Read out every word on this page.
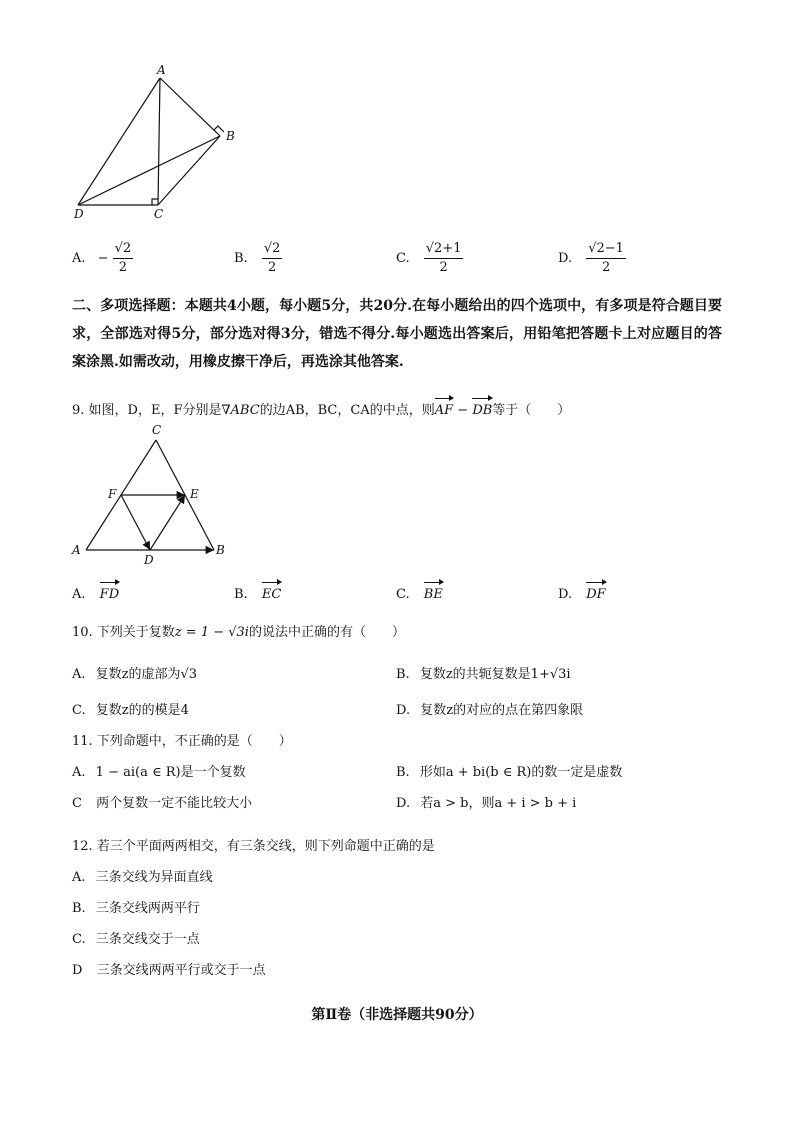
A
B
C
D
A. − $\frac{√2}{2}$	B. $\frac{√2}{2}$	C. $\frac{√2+1}{2}$	D. $\frac{√2-1}{2}$
二、多项选择题：本题共4小题，每小题5分，共20分.在每小题给出的四个选项中，有多项是符合题目要求，全部选对得5分，部分选对得3分，错选不得分.每小题选出答案后，用铅笔把答题卡上对应题目的答案涂黑.如需改动，用橡皮擦干净后，再选涂其他答案.
9. 如图，D，E，F分别是∇ABC的边AB，BC，CA的中点，则AF − DB等于（　　）
C
F	E
A
D
B
A. FD	B. EC	C. BE	D. DF
10. 下列关于复数z = 1 − √3i的说法中正确的有（　　）
A. 复数z的虚部为√3	B. 复数z的共轭复数是1+√3i
C. 复数z的的模是4	D. 复数z的对应的点在第四象限
11. 下列命题中，不正确的是（　　）
A. 1 − ai(a ∈ R)是一个复数	B. 形如a + bi(b ∈ R)的数一定是虚数
C 两个复数一定不能比较大小	D. 若a > b，则a + i > b + i
12. 若三个平面两两相交，有三条交线，则下列命题中正确的是
A. 三条交线为异面直线
B. 三条交线两两平行
C. 三条交线交于一点
D 三条交线两两平行或交于一点
第Ⅱ卷（非选择题共90分）
